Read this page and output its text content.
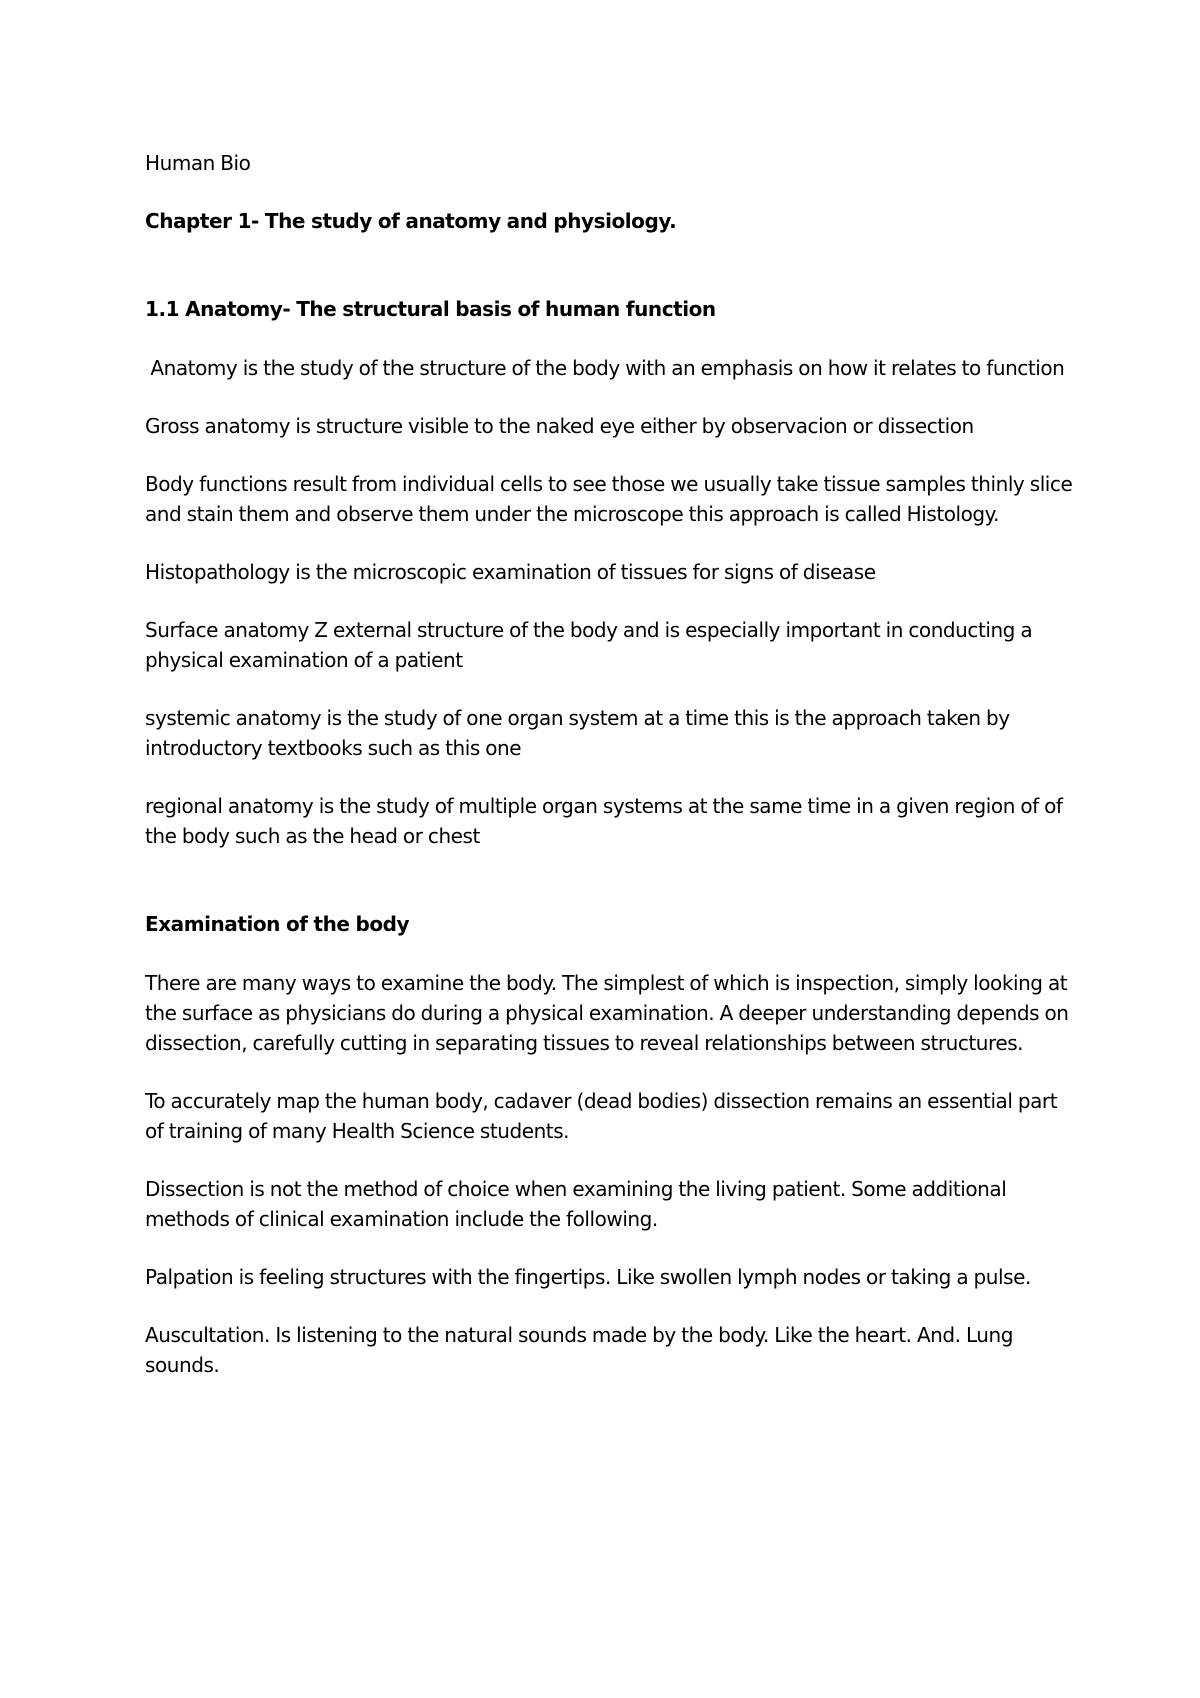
Human Bio

Chapter 1- The study of anatomy and physiology.

1.1 Anatomy- The structural basis of human function

Anatomy is the study of the structure of the body with an emphasis on how it relates to function

Gross anatomy is structure visible to the naked eye either by observacion or dissection

Body functions result from individual cells to see those we usually take tissue samples thinly slice and stain them and observe them under the microscope this approach is called Histology.

Histopathology is the microscopic examination of tissues for signs of disease

Surface anatomy Z external structure of the body and is especially important in conducting a physical examination of a patient

systemic anatomy is the study of one organ system at a time this is the approach taken by introductory textbooks such as this one

regional anatomy is the study of multiple organ systems at the same time in a given region of of the body such as the head or chest

Examination of the body

There are many ways to examine the body. The simplest of which is inspection, simply looking at the surface as physicians do during a physical examination. A deeper understanding depends on dissection, carefully cutting in separating tissues to reveal relationships between structures.

To accurately map the human body, cadaver (dead bodies) dissection remains an essential part of training of many Health Science students.

Dissection is not the method of choice when examining the living patient. Some additional methods of clinical examination include the following.

Palpation is feeling structures with the fingertips. Like swollen lymph nodes or taking a pulse.

Auscultation. Is listening to the natural sounds made by the body. Like the heart. And. Lung sounds.
